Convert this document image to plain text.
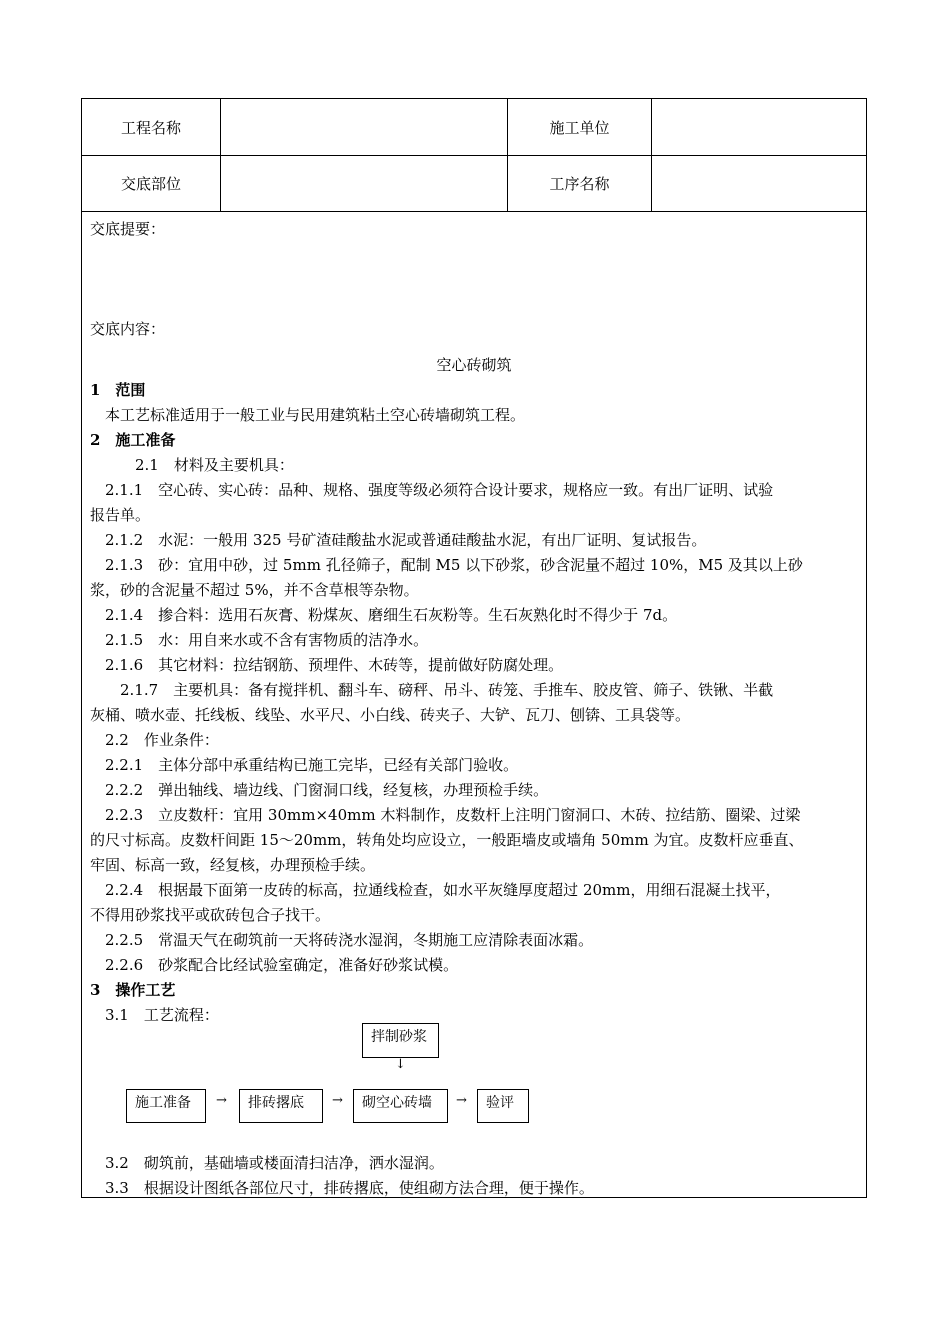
工程名称	施工单位
交底部位	工序名称
交底提要：
交底内容：
空心砖砌筑
1　范围
　本工艺标准适用于一般工业与民用建筑粘土空心砖墙砌筑工程。
2　施工准备
　　　2.1　材料及主要机具：
　2.1.1　空心砖、实心砖：品种、规格、强度等级必须符合设计要求，规格应一致。有出厂证明、试验
报告单。
　2.1.2　水泥：一般用 325 号矿渣硅酸盐水泥或普通硅酸盐水泥，有出厂证明、复试报告。
　2.1.3　砂：宜用中砂，过 5mm 孔径筛子，配制 M5 以下砂浆，砂含泥量不超过 10%，M5 及其以上砂
浆，砂的含泥量不超过 5%，并不含草根等杂物。
　2.1.4　掺合料：选用石灰膏、粉煤灰、磨细生石灰粉等。生石灰熟化时不得少于 7d。
　2.1.5　水：用自来水或不含有害物质的洁净水。
　2.1.6　其它材料：拉结钢筋、预埋件、木砖等，提前做好防腐处理。
　　2.1.7　主要机具：备有搅拌机、翻斗车、磅秤、吊斗、砖笼、手推车、胶皮管、筛子、铁锹、半截
灰桶、喷水壶、托线板、线坠、水平尺、小白线、砖夹子、大铲、瓦刀、刨锛、工具袋等。
　2.2　作业条件：
　2.2.1　主体分部中承重结构已施工完毕，已经有关部门验收。
　2.2.2　弹出轴线、墙边线、门窗洞口线，经复核，办理预检手续。
　2.2.3　立皮数杆：宜用 30mm×40mm 木料制作，皮数杆上注明门窗洞口、木砖、拉结筋、圈梁、过梁
的尺寸标高。皮数杆间距 15～20mm，转角处均应设立，一般距墙皮或墙角 50mm 为宜。皮数杆应垂直、
牢固、标高一致，经复核，办理预检手续。
　2.2.4　根据最下面第一皮砖的标高，拉通线检查，如水平灰缝厚度超过 20mm，用细石混凝土找平，
不得用砂浆找平或砍砖包合子找干。
　2.2.5　常温天气在砌筑前一天将砖浇水湿润，冬期施工应清除表面冰霜。
　2.2.6　砂浆配合比经试验室确定，准备好砂浆试模。
3　操作工艺
　3.1　工艺流程：
拌制砂浆
↓
施工准备	→	排砖撂底	→	砌空心砖墙	→	验评
　3.2　砌筑前，基础墙或楼面清扫洁净，洒水湿润。
　3.3　根据设计图纸各部位尺寸，排砖撂底，使组砌方法合理，便于操作。
